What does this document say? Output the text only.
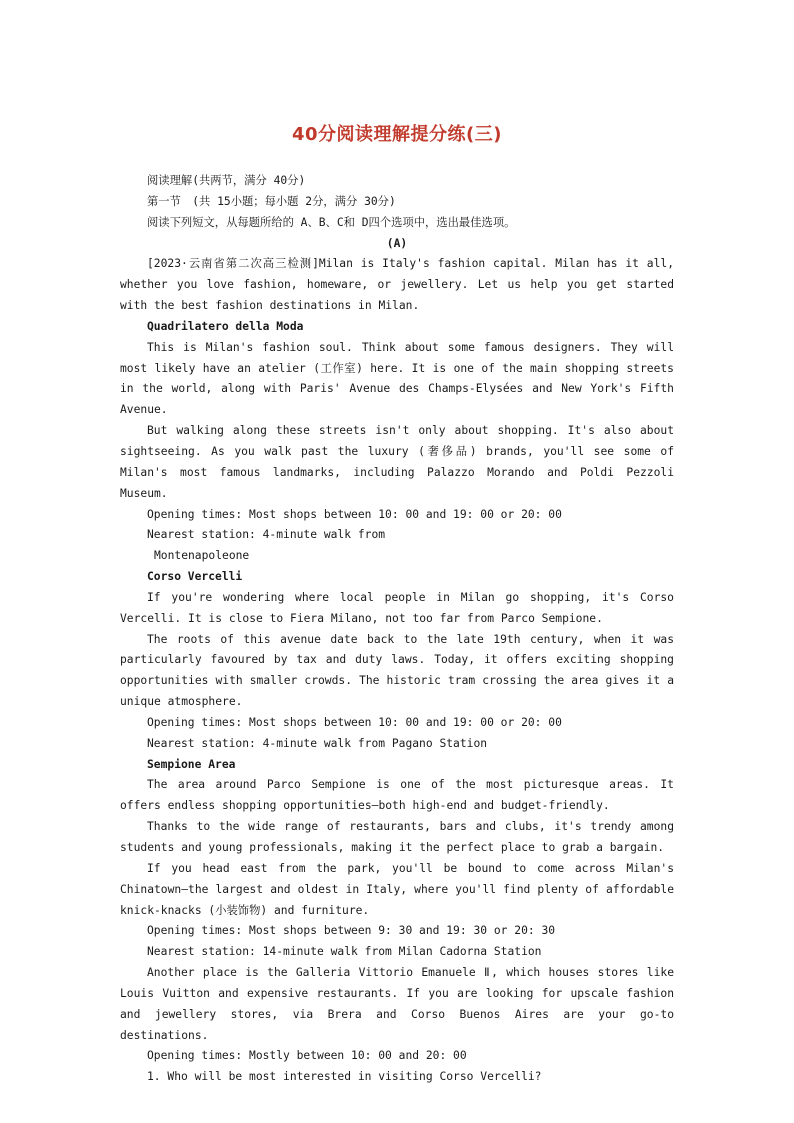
40分阅读理解提分练(三)

阅读理解(共两节，满分 40分)

第一节　(共 15小题；每小题 2分，满分 30分)

阅读下列短文，从每题所给的 A、B、C和 D四个选项中，选出最佳选项。

(A)

[2023·云南省第二次高三检测]Milan is Italy's fashion capital. Milan has it all, whether you love fashion, homeware, or jewellery. Let us help you get started with the best fashion destinations in Milan.

Quadrilatero della Moda

This is Milan's fashion soul. Think about some famous designers. They will most likely have an atelier (工作室) here. It is one of the main shopping streets in the world, along with Paris' Avenue des Champs-Elysées and New York's Fifth Avenue.

But walking along these streets isn't only about shopping. It's also about sightseeing. As you walk past the luxury (奢侈品) brands, you'll see some of Milan's most famous landmarks, including Palazzo Morando and Poldi Pezzoli Museum.

Opening times: Most shops between 10: 00 and 19: 00 or 20: 00

Nearest station: 4-minute walk from

Montenapoleone

Corso Vercelli

If you're wondering where local people in Milan go shopping, it's Corso Vercelli. It is close to Fiera Milano, not too far from Parco Sempione.

The roots of this avenue date back to the late 19th century, when it was particularly favoured by tax and duty laws. Today, it offers exciting shopping opportunities with smaller crowds. The historic tram crossing the area gives it a unique atmosphere.

Opening times: Most shops between 10: 00 and 19: 00 or 20: 00

Nearest station: 4-minute walk from Pagano Station

Sempione Area

The area around Parco Sempione is one of the most picturesque areas. It offers endless shopping opportunities—both high-end and budget-friendly.

Thanks to the wide range of restaurants, bars and clubs, it's trendy among students and young professionals, making it the perfect place to grab a bargain.

If you head east from the park, you'll be bound to come across Milan's Chinatown—the largest and oldest in Italy, where you'll find plenty of affordable knick-knacks (小装饰物) and furniture.

Opening times: Most shops between 9: 30 and 19: 30 or 20: 30

Nearest station: 14-minute walk from Milan Cadorna Station

Another place is the Galleria Vittorio Emanuele Ⅱ, which houses stores like Louis Vuitton and expensive restaurants. If you are looking for upscale fashion and jewellery stores, via Brera and Corso Buenos Aires are your go-to destinations.

Opening times: Mostly between 10: 00 and 20: 00

1. Who will be most interested in visiting Corso Vercelli?
